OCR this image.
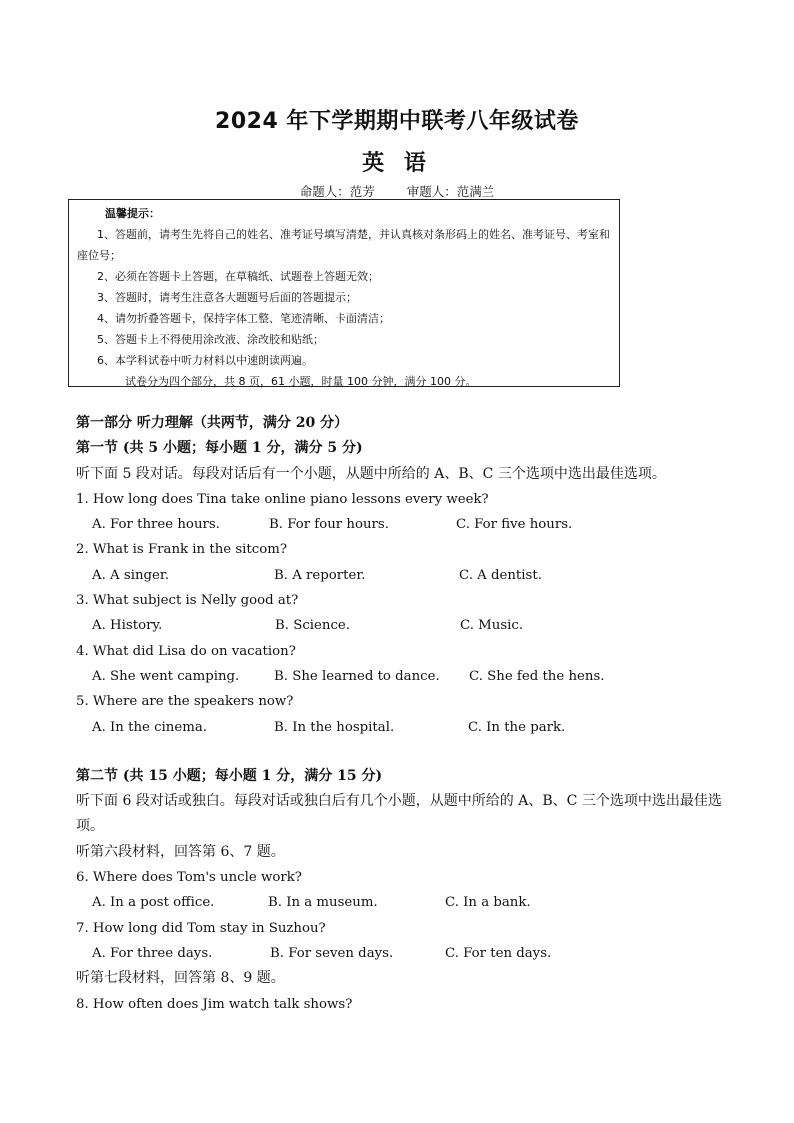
2024 年下学期期中联考八年级试卷
英 语
命题人：范芳	审题人：范满兰
温馨提示：
1、答题前，请考生先将自己的姓名、准考证号填写清楚，并认真核对条形码上的姓名、准考证号、考室和座位号；
2、必须在答题卡上答题，在草稿纸、试题卷上答题无效；
3、答题时，请考生注意各大题题号后面的答题提示；
4、请勿折叠答题卡，保持字体工整、笔迹清晰、卡面清洁；
5、答题卡上不得使用涂改液、涂改胶和贴纸；
6、本学科试卷中听力材料以中速朗读两遍。
试卷分为四个部分，共 8 页，61 小题，时量 100 分钟，满分 100 分。
第一部分 听力理解（共两节，满分 20 分）
第一节 (共 5 小题；每小题 1 分，满分 5 分)
听下面 5 段对话。每段对话后有一个小题，从题中所给的 A、B、C 三个选项中选出最佳选项。
1. How long does Tina take online piano lessons every week?
A. For three hours.	B. For four hours.	C. For five hours.
2. What is Frank in the sitcom?
A. A singer.	B. A reporter.	C. A dentist.
3. What subject is Nelly good at?
A. History.	B. Science.	C. Music.
4. What did Lisa do on vacation?
A. She went camping.	B. She learned to dance. C. She fed the hens.
5. Where are the speakers now?
A. In the cinema.	B. In the hospital.	C. In the park.
第二节 (共 15 小题；每小题 1 分，满分 15 分)
听下面 6 段对话或独白。每段对话或独白后有几个小题，从题中所给的 A、B、C 三个选项中选出最佳选项。
听第六段材料，回答第 6、7 题。
6. Where does Tom's uncle work?
A. In a post office.	B. In a museum.	C. In a bank.
7. How long did Tom stay in Suzhou?
A. For three days.	B. For seven days.	C. For ten days.
听第七段材料，回答第 8、9 题。
8. How often does Jim watch talk shows?
